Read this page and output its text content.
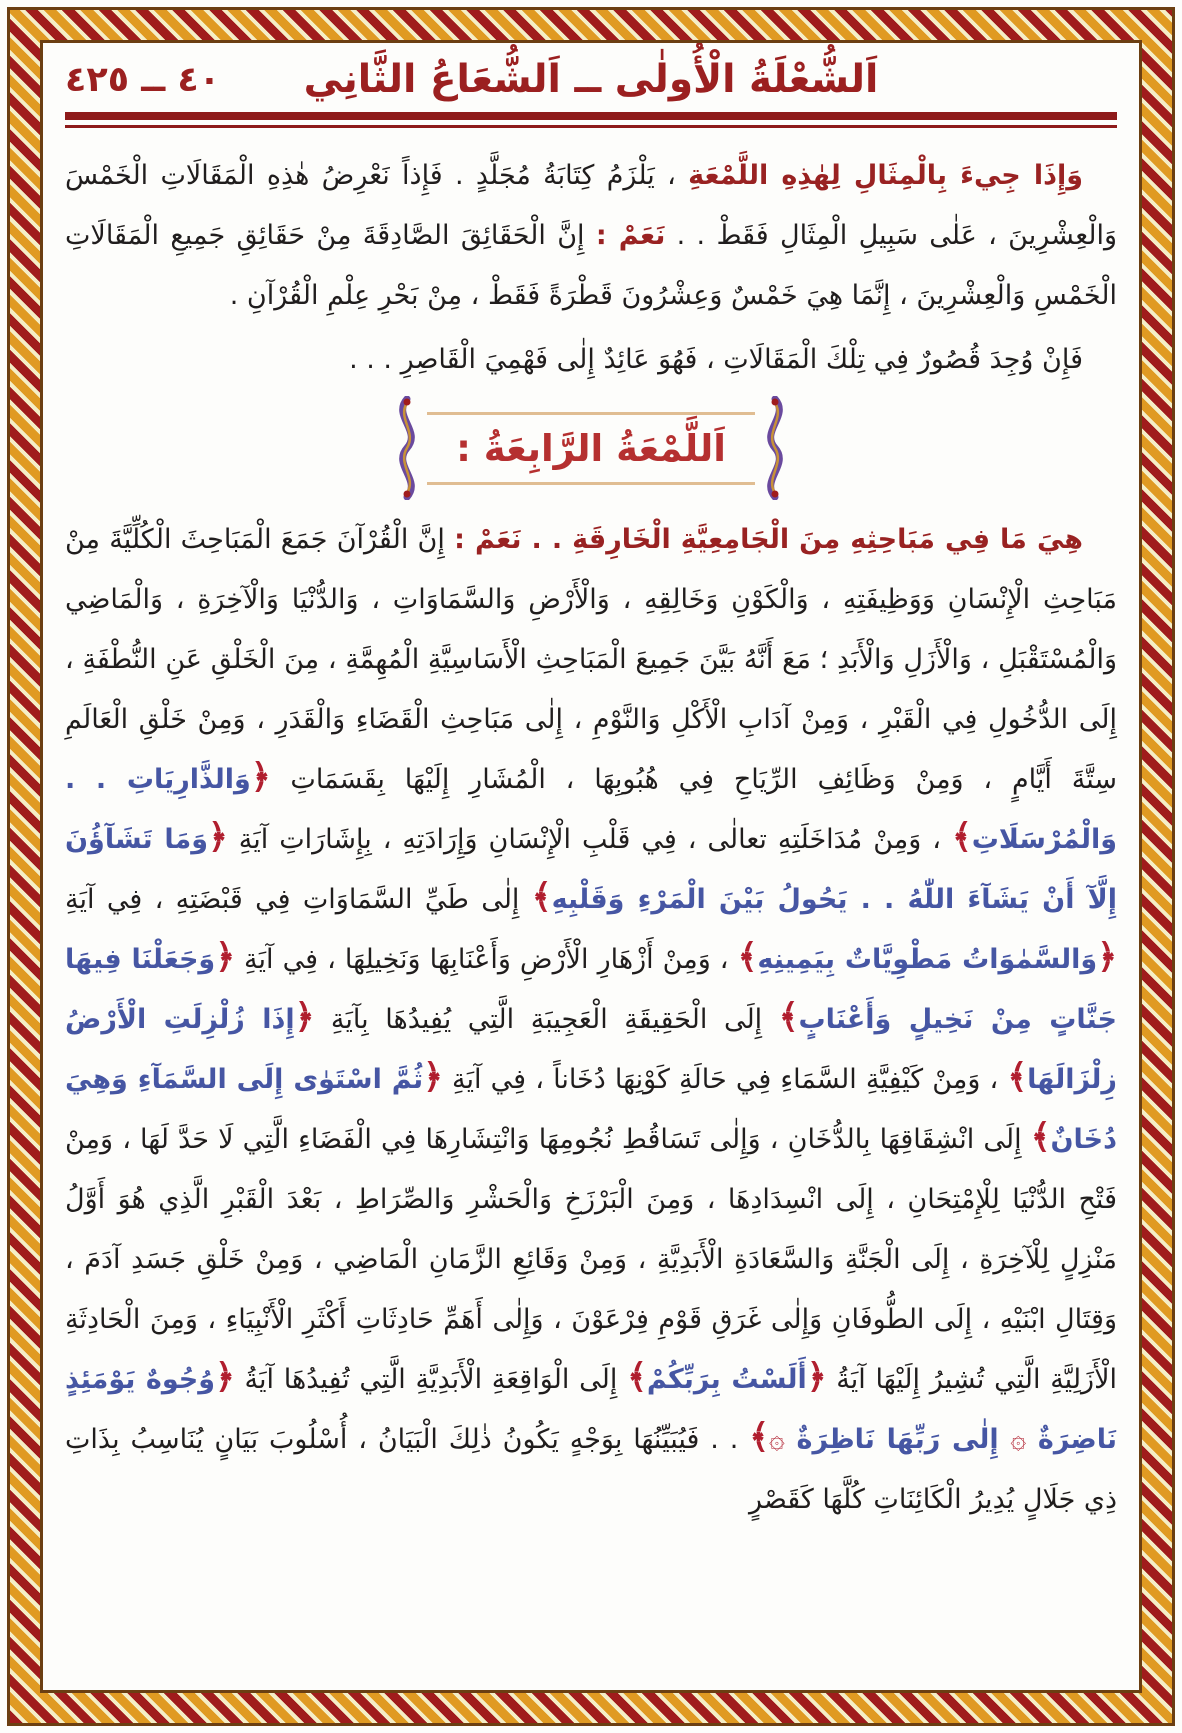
٤٠ ــ ٤٢٥	اَلشُّعْلَةُ الْأُولٰى ــ اَلشُّعَاعُ الثَّانِي

وَإِذَا جِيءَ بِالْمِثَالِ لِهٰذِهِ اللَّمْعَةِ ، يَلْزَمُ كِتَابَةُ مُجَلَّدٍ . فَإِذاً نَعْرِضُ هٰذِهِ الْمَقَالَاتِ الْخَمْسَ وَالْعِشْرِينَ ، عَلٰى سَبِيلِ الْمِثَالِ فَقَطْ . . نَعَمْ : إِنَّ الْحَقَائِقَ الصَّادِقَةَ مِنْ حَقَائِقِ جَمِيعِ الْمَقَالَاتِ الْخَمْسِ وَالْعِشْرِينَ ، إِنَّمَا هِيَ خَمْسٌ وَعِشْرُونَ قَطْرَةً فَقَطْ ، مِنْ بَحْرِ عِلْمِ الْقُرْآنِ .

فَإِنْ وُجِدَ قُصُورٌ فِي تِلْكَ الْمَقَالَاتِ ، فَهُوَ عَائِدٌ إِلٰى فَهْمِيَ الْقَاصِرِ . . .

اَللَّمْعَةُ الرَّابِعَةُ :

هِيَ مَا فِي مَبَاحِثِهِ مِنَ الْجَامِعِيَّةِ الْخَارِقَةِ . . نَعَمْ : إِنَّ الْقُرْآنَ جَمَعَ الْمَبَاحِثَ الْكُلِّيَّةَ مِنْ مَبَاحِثِ الْإِنْسَانِ وَوَظِيفَتِهِ ، وَالْكَوْنِ وَخَالِقِهِ ، وَالْأَرْضِ وَالسَّمَاوَاتِ ، وَالدُّنْيَا وَالْآخِرَةِ ، وَالْمَاضِي وَالْمُسْتَقْبَلِ ، وَالْأَزَلِ وَالْأَبَدِ ؛ مَعَ أَنَّهُ بَيَّنَ جَمِيعَ الْمَبَاحِثِ الْأَسَاسِيَّةِ الْمُهِمَّةِ ، مِنَ الْخَلْقِ عَنِ النُّطْفَةِ ، إِلَى الدُّخُولِ فِي الْقَبْرِ ، وَمِنْ آدَابِ الْأَكْلِ وَالنَّوْمِ ، إِلٰى مَبَاحِثِ الْقَضَاءِ وَالْقَدَرِ ، وَمِنْ خَلْقِ الْعَالَمِ سِتَّةَ أَيَّامٍ ، وَمِنْ وَظَائِفِ الرِّيَاحِ فِي هُبُوبِهَا ، الْمُشَارِ إِلَيْهَا بِقَسَمَاتِ ﴿وَالذَّارِيَاتِ . . وَالْمُرْسَلَاتِ﴾ ، وَمِنْ مُدَاخَلَتِهِ تعالٰى ، فِي قَلْبِ الْإِنْسَانِ وَإِرَادَتِهِ ، بِإِشَارَاتِ آيَةِ ﴿وَمَا تَشَآؤُنَ إِلَّآ أَنْ يَشَآءَ اللّٰهُ . . يَحُولُ بَيْنَ الْمَرْءِ وَقَلْبِهِ﴾ إِلٰى طَيِّ السَّمَاوَاتِ فِي قَبْضَتِهِ ، فِي آيَةِ ﴿وَالسَّمٰوَاتُ مَطْوِيَّاتٌ بِيَمِينِهِ﴾ ، وَمِنْ أَزْهَارِ الْأَرْضِ وَأَعْنَابِهَا وَنَخِيلِهَا ، فِي آيَةِ ﴿وَجَعَلْنَا فِيهَا جَنَّاتٍ مِنْ نَخِيلٍ وَأَعْنَابٍ﴾ إِلَى الْحَقِيقَةِ الْعَجِيبَةِ الَّتِي يُفِيدُهَا بِآيَةِ ﴿إِذَا زُلْزِلَتِ الْأَرْضُ زِلْزَالَهَا﴾ ، وَمِنْ كَيْفِيَّةِ السَّمَاءِ فِي حَالَةِ كَوْنِهَا دُخَاناً ، فِي آيَةِ ﴿ثُمَّ اسْتَوٰى إِلَى السَّمَآءِ وَهِيَ دُخَانٌ﴾ إِلَى انْشِقَاقِهَا بِالدُّخَانِ ، وَإِلٰى تَسَاقُطِ نُجُومِهَا وَانْتِشَارِهَا فِي الْفَضَاءِ الَّتِي لَا حَدَّ لَهَا ، وَمِنْ فَتْحِ الدُّنْيَا لِلْإِمْتِحَانِ ، إِلَى انْسِدَادِهَا ، وَمِنَ الْبَرْزَخِ وَالْحَشْرِ وَالصِّرَاطِ ، بَعْدَ الْقَبْرِ الَّذِي هُوَ أَوَّلُ مَنْزِلٍ لِلْآخِرَةِ ، إِلَى الْجَنَّةِ وَالسَّعَادَةِ الْأَبَدِيَّةِ ، وَمِنْ وَقَائِعِ الزَّمَانِ الْمَاضِي ، وَمِنْ خَلْقِ جَسَدِ آدَمَ ، وَقِتَالِ ابْنَيْهِ ، إِلَى الطُّوفَانِ وَإِلٰى غَرَقِ قَوْمِ فِرْعَوْنَ ، وَإِلٰى أَهَمِّ حَادِثَاتِ أَكْثَرِ الْأَنْبِيَاءِ ، وَمِنَ الْحَادِثَةِ الْأَزَلِيَّةِ الَّتِي تُشِيرُ إِلَيْهَا آيَةُ ﴿أَلَسْتُ بِرَبِّكُمْ﴾ إِلَى الْوَاقِعَةِ الْأَبَدِيَّةِ الَّتِي تُفِيدُهَا آيَةُ ﴿وُجُوهٌ يَوْمَئِذٍ نَاضِرَةٌ ۞ إِلٰى رَبِّهَا نَاظِرَةٌ ۞﴾ . . فَيُبَيِّنُهَا بِوَجْهٍ يَكُونُ ذٰلِكَ الْبَيَانُ ، أُسْلُوبَ بَيَانٍ يُنَاسِبُ بِذَاتِ ذِي جَلَالٍ يُدِيرُ الْكَائِنَاتِ كُلَّهَا كَقَصْرٍ
